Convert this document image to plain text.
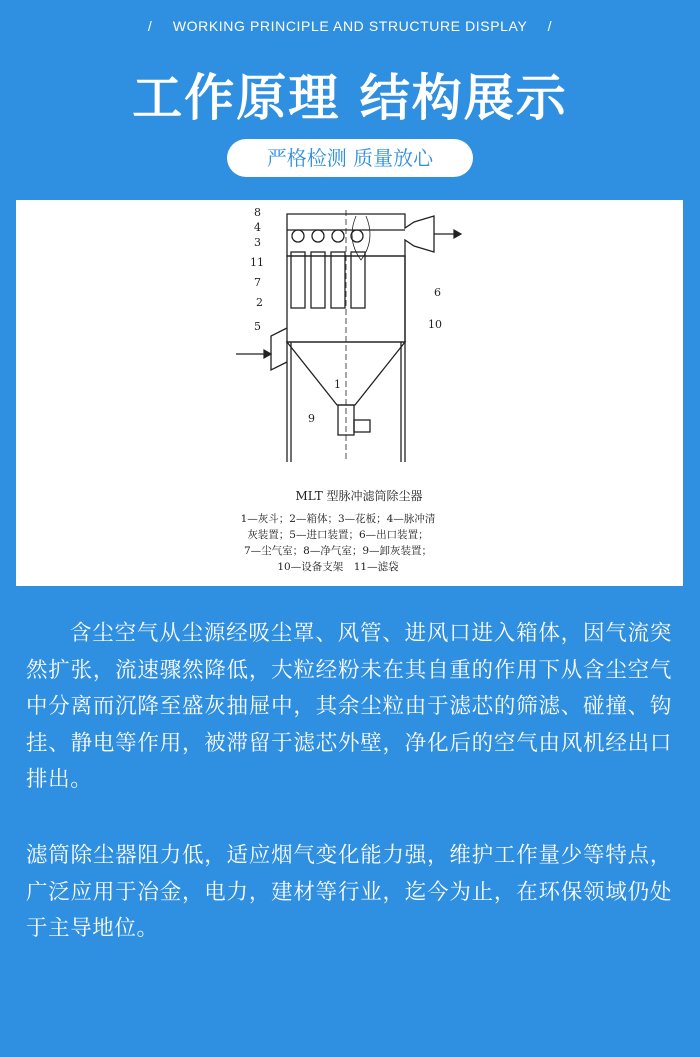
/ WORKING PRINCIPLE AND STRUCTURE DISPLAY /
工作原理 结构展示
严格检测 质量放心
8
4
3
11
7
2
5
1
9
6
10
MLT 型脉冲滤筒除尘器
1—灰斗；2—箱体；3—花板；4—脉冲清
灰装置；5—进口装置；6—出口装置；
7—尘气室；8—净气室；9—卸灰装置；
10—设备支架　11—滤袋
含尘空气从尘源经吸尘罩、风管、进风口进入箱体，因气流突然扩张，流速骤然降低，大粒经粉未在其自重的作用下从含尘空气中分离而沉降至盛灰抽屉中，其余尘粒由于滤芯的筛滤、碰撞、钩挂、静电等作用，被滞留于滤芯外壁，净化后的空气由风机经出口排出。
滤筒除尘器阻力低，适应烟气变化能力强，维护工作量少等特点，广泛应用于冶金，电力，建材等行业，迄今为止，在环保领域仍处于主导地位。
